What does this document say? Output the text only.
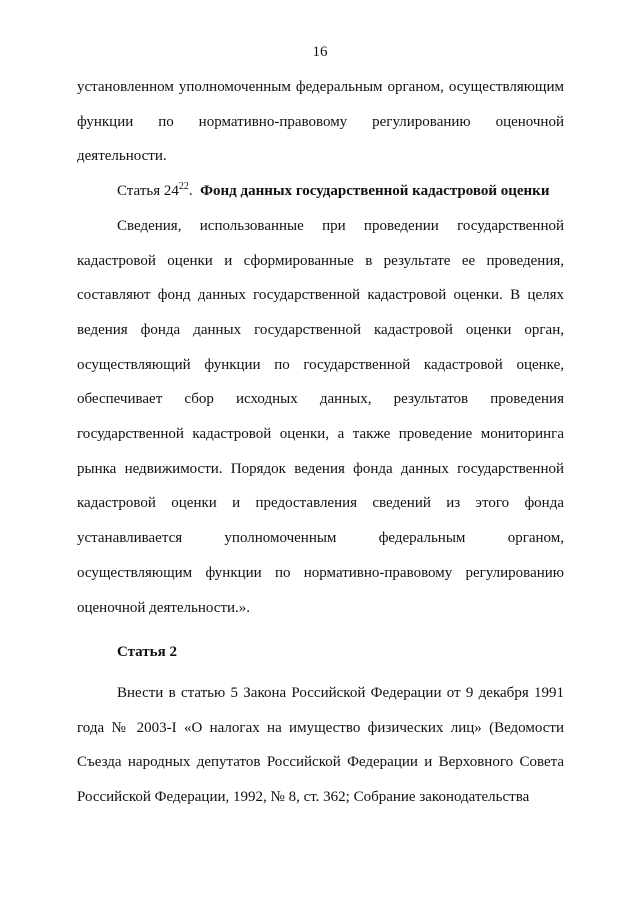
16

установленном уполномоченным федеральным органом, осуществляющим функции по нормативно-правовому регулированию оценочной деятельности.

Статья $24^{22}$. Фонд данных государственной кадастровой оценки

Сведения, использованные при проведении государственной кадастровой оценки и сформированные в результате ее проведения, составляют фонд данных государственной кадастровой оценки. В целях ведения фонда данных государственной кадастровой оценки орган, осуществляющий функции по государственной кадастровой оценке, обеспечивает сбор исходных данных, результатов проведения государственной кадастровой оценки, а также проведение мониторинга рынка недвижимости. Порядок ведения фонда данных государственной кадастровой оценки и предоставления сведений из этого фонда устанавливается уполномоченным федеральным органом, осуществляющим функции по нормативно-правовому регулированию оценочной деятельности.».

Статья 2

Внести в статью 5 Закона Российской Федерации от 9 декабря 1991 года № 2003-I «О налогах на имущество физических лиц» (Ведомости Съезда народных депутатов Российской Федерации и Верховного Совета Российской Федерации, 1992, № 8, ст. 362; Собрание законодательства
